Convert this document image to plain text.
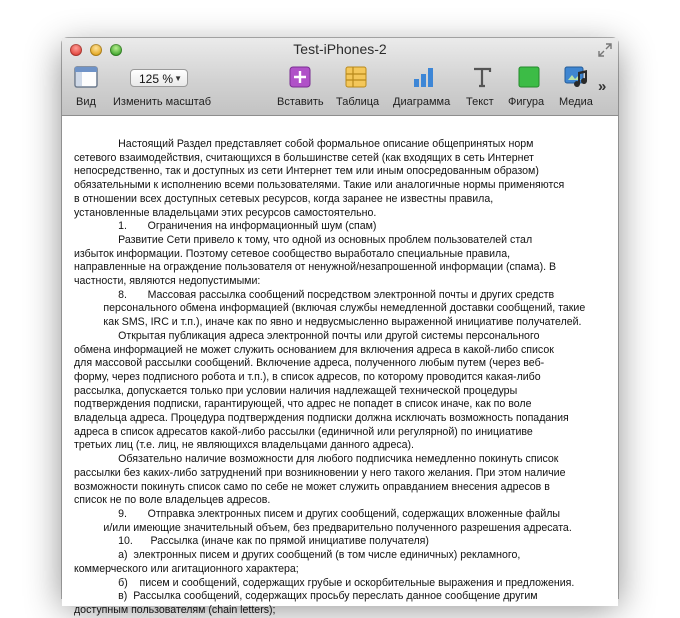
Test-iPhones-2
Вид
125 % ▼
Изменить масштаб	Вставить Таблица Диаграмма Текст Фигура Медиа
»

Настоящий Раздел представляет собой формальное описание общепринятых норм

сетевого взаимодействия, считающихся в большинстве сетей (как входящих в сеть Интернет

непосредственно, так и доступных из сети Интернет тем или иным опосредованным образом)

обязательными к исполнению всеми пользователями. Такие или аналогичные нормы применяются

в отношении всех доступных сетевых ресурсов, когда заранее не известны правила,

установленные владельцами этих ресурсов самостоятельно.

1.       Ограничения на информационный шум (спам)

Развитие Сети привело к тому, что одной из основных проблем пользователей стал

избыток информации. Поэтому сетевое сообщество выработало специальные правила,

направленные на ограждение пользователя от ненужной/незапрошенной информации (спама). В

частности, являются недопустимыми:

8.       Массовая рассылка сообщений посредством электронной почты и других средств

персонального обмена информацией (включая службы немедленной доставки сообщений, такие

как SMS, IRC и т.п.), иначе как по явно и недвусмысленно выраженной инициативе получателей.

Открытая публикация адреса электронной почты или другой системы персонального

обмена информацией не может служить основанием для включения адреса в какой-либо список

для массовой рассылки сообщений. Включение адреса, полученного любым путем (через веб-

форму, через подписного робота и т.п.), в список адресов, по которому проводится какая-либо

рассылка, допускается только при условии наличия надлежащей технической процедуры

подтверждения подписки, гарантирующей, что адрес не попадет в список иначе, как по воле

владельца адреса. Процедура подтверждения подписки должна исключать возможность попадания

адреса в список адресатов какой-либо рассылки (единичной или регулярной) по инициативе

третьих лиц (т.е. лиц, не являющихся владельцами данного адреса).

Обязательно наличие возможности для любого подписчика немедленно покинуть список

рассылки без каких-либо затруднений при возникновении у него такого желания. При этом наличие

возможности покинуть список само по себе не может служить оправданием внесения адресов в

список не по воле владельцев адресов.

9.       Отправка электронных писем и других сообщений, содержащих вложенные файлы

и/или имеющие значительный объем, без предварительно полученного разрешения адресата.

10.      Рассылка (иначе как по прямой инициативе получателя)

а)  электронных писем и других сообщений (в том числе единичных) рекламного,

коммерческого или агитационного характера;

б)    писем и сообщений, содержащих грубые и оскорбительные выражения и предложения.

в)  Рассылка сообщений, содержащих просьбу переслать данное сообщение другим

доступным пользователям (chain letters);
